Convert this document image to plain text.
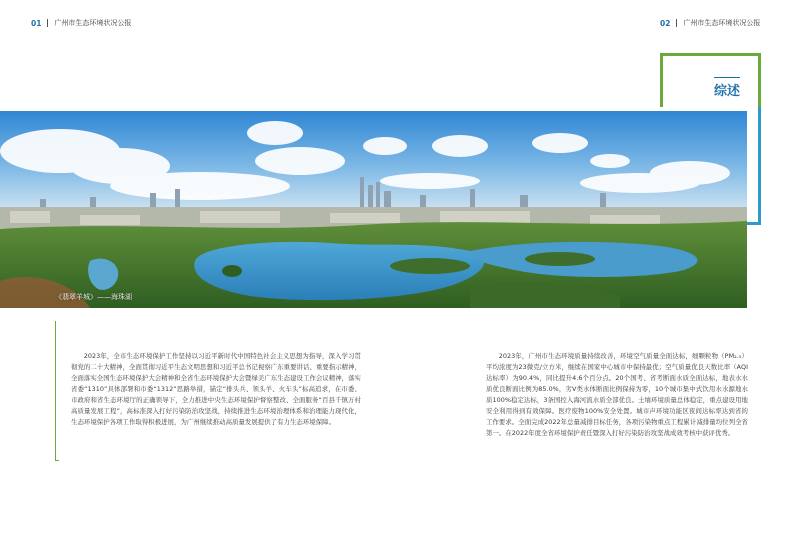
01 广州市生态环境状况公报	02 广州市生态环境状况公报
综述
《翡翠羊城》——海珠湖

2023年，全市生态环境保护工作坚持以习近平新时代中国特色社会主义思想为指导，深入学习贯彻党的二十大精神，全面贯彻习近平生态文明思想和习近平总书记视察广东重要讲话、重要指示精神，全面落实全国生态环境保护大会精神和全省生态环境保护大会暨绿美广东生态建设工作会议精神，落实省委“1310”具体部署和市委“1312”思路举措，锚定“排头兵、领头羊、火车头”标高追求，在市委、市政府和省生态环境厅的正确领导下，全力推进中央生态环境保护督察整改、全面服务“百县千镇万村高质量发展工程”，高标准深入打好污染防治攻坚战，持续推进生态环境治理体系和治理能力现代化，生态环境保护各项工作取得积极进展，为广州继续推动高质量发展提供了有力生态环境保障。

2023年，广州市生态环境质量持续改善，环境空气质量全面达标，细颗粒物（PM₂.₅）平均浓度为23微克/立方米，继续在国家中心城市中保持最优；空气质量优良天数比率（AQI达标率）为90.4%，同比提升4.6个百分点。20个国考、省考断面水质全面达标，地表水水质优良断面比例为85.0%，劣V类水体断面比例保持为零，10个城市集中式饮用水水源地水质100%稳定达标，3条国控入海河流水质全部优良。土壤环境质量总体稳定，重点建设用地安全利用得到有效保障。医疗废物100%安全处置。城市声环境功能区夜间达标率达到省的工作要求。全面完成2022年总量减排目标任务，各项污染物重点工程累计减排量均位列全省第一。在2022年度全省环境保护责任暨深入打好污染防治攻坚战成效考核中获评优秀。
